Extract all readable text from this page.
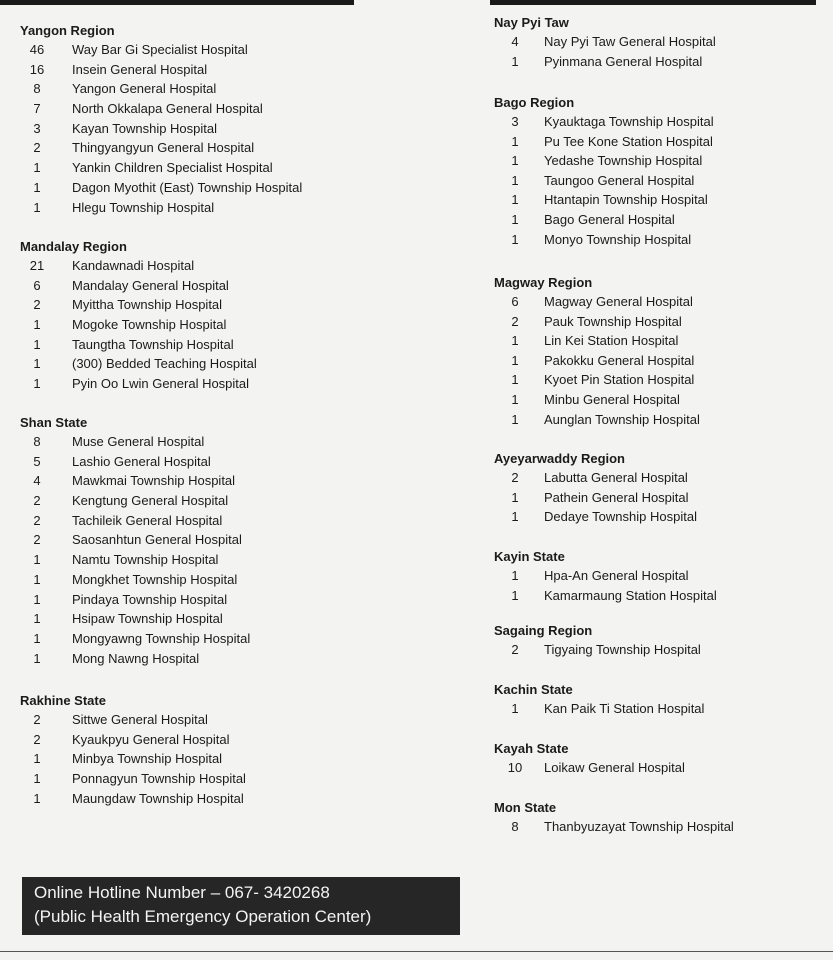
Yangon Region
46	Way Bar Gi Specialist Hospital
16	Insein General Hospital
8	Yangon General Hospital
7	North Okkalapa General Hospital
3	Kayan Township Hospital
2	Thingyangyun General Hospital
1	Yankin Children Specialist Hospital
1	Dagon Myothit (East) Township Hospital
1	Hlegu Township Hospital
Mandalay Region
21	Kandawnadi Hospital
6	Mandalay General Hospital
2	Myittha Township Hospital
1	Mogoke Township Hospital
1	Taungtha Township Hospital
1	(300) Bedded Teaching Hospital
1	Pyin Oo Lwin General Hospital
Shan State
8	Muse General Hospital
5	Lashio General Hospital
4	Mawkmai Township Hospital
2	Kengtung General Hospital
2	Tachileik General Hospital
2	Saosanhtun General Hospital
1	Namtu Township Hospital
1	Mongkhet Township Hospital
1	Pindaya Township Hospital
1	Hsipaw Township Hospital
1	Mongyawng Township Hospital
1	Mong Nawng Hospital
Rakhine State
2	Sittwe General Hospital
2	Kyaukpyu General Hospital
1	Minbya Township Hospital
1	Ponnagyun Township Hospital
1	Maungdaw Township Hospital
Nay Pyi Taw
4	Nay Pyi Taw General Hospital
1	Pyinmana General Hospital
Bago Region
3	Kyauktaga Township Hospital
1	Pu Tee Kone Station Hospital
1	Yedashe Township Hospital
1	Taungoo General Hospital
1	Htantapin Township Hospital
1	Bago General Hospital
1	Monyo Township Hospital
Magway Region
6	Magway General Hospital
2	Pauk Township Hospital
1	Lin Kei Station Hospital
1	Pakokku General Hospital
1	Kyoet Pin Station Hospital
1	Minbu General Hospital
1	Aunglan Township Hospital
Ayeyarwaddy Region
2	Labutta General Hospital
1	Pathein General Hospital
1	Dedaye Township Hospital
Kayin State
1	Hpa-An General Hospital
1	Kamarmaung Station Hospital
Sagaing Region
2	Tigyaing Township Hospital
Kachin State
1	Kan Paik Ti Station Hospital
Kayah State
10	Loikaw General Hospital
Mon State
8	Thanbyuzayat Township Hospital
Online Hotline Number – 067- 3420268
(Public Health Emergency Operation Center)
